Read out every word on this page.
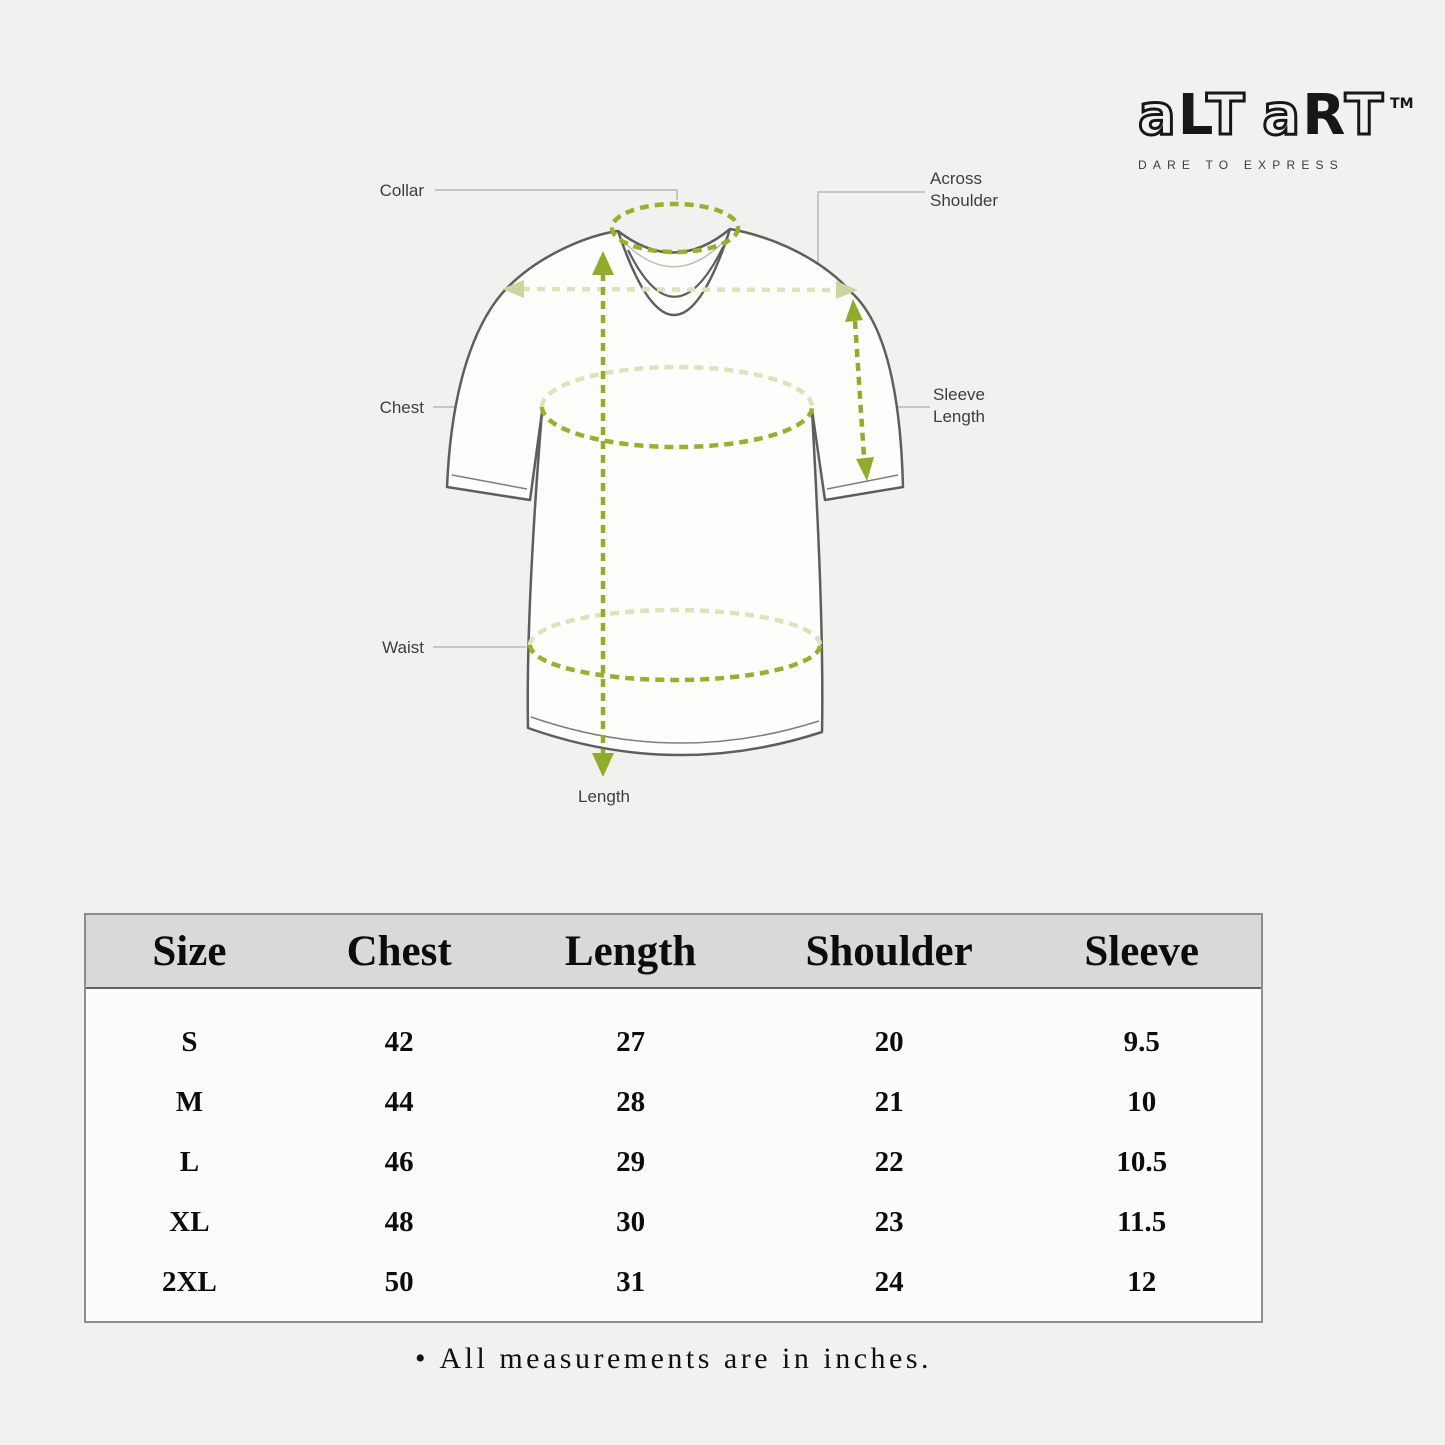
aLT aRT TM
DARE TO EXPRESS
Collar
Chest
Waist
Length
Across
Shoulder
Sleeve
Length
Size	Chest	Length	Shoulder	Sleeve
S	42	27	20	9.5
M	44	28	21	10
L	46	29	22	10.5
XL	48	30	23	11.5
2XL	50	31	24	12
• All measurements are in inches.
